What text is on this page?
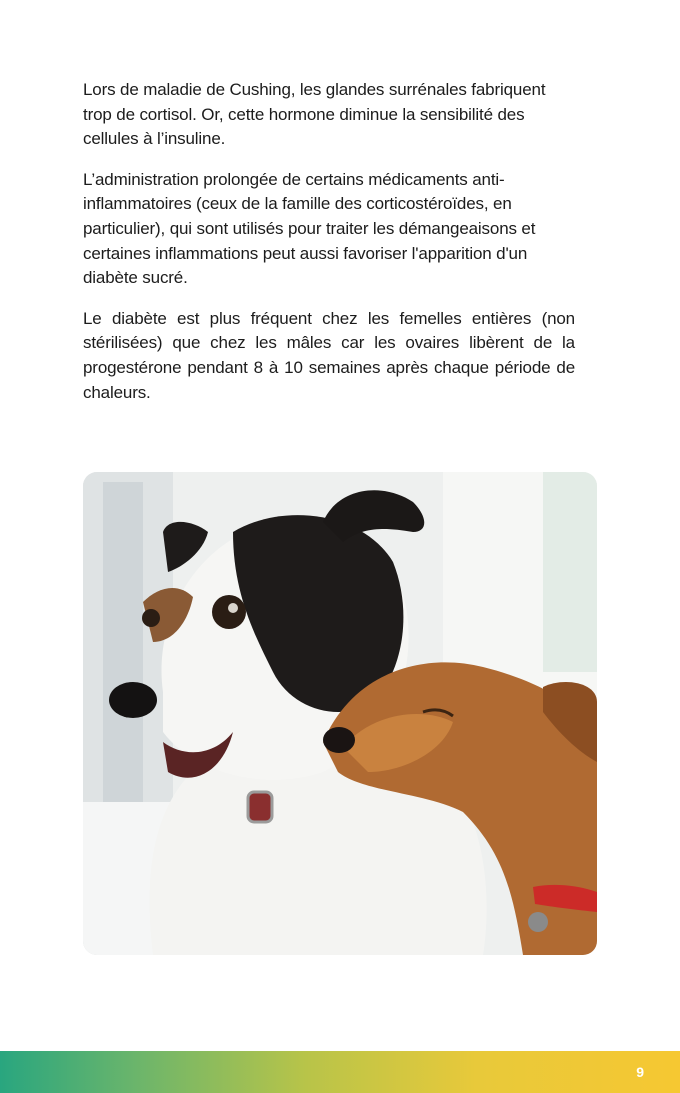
Lors de maladie de Cushing, les glandes surrénales fabriquent trop de cortisol. Or, cette hormone diminue la sensibilité des cellules à l’insuline.

L’administration prolongée de certains médicaments anti-inflammatoires (ceux de la famille des corticostéroïdes, en particulier), qui sont utilisés pour traiter les démangeaisons et certaines inflammations peut aussi favoriser l'apparition d'un diabète sucré.

Le diabète est plus fréquent chez les femelles entières (non stérilisées) que chez les mâles car les ovaires libèrent de la progestérone pendant 8 à 10 semaines après chaque période de chaleurs.

9
